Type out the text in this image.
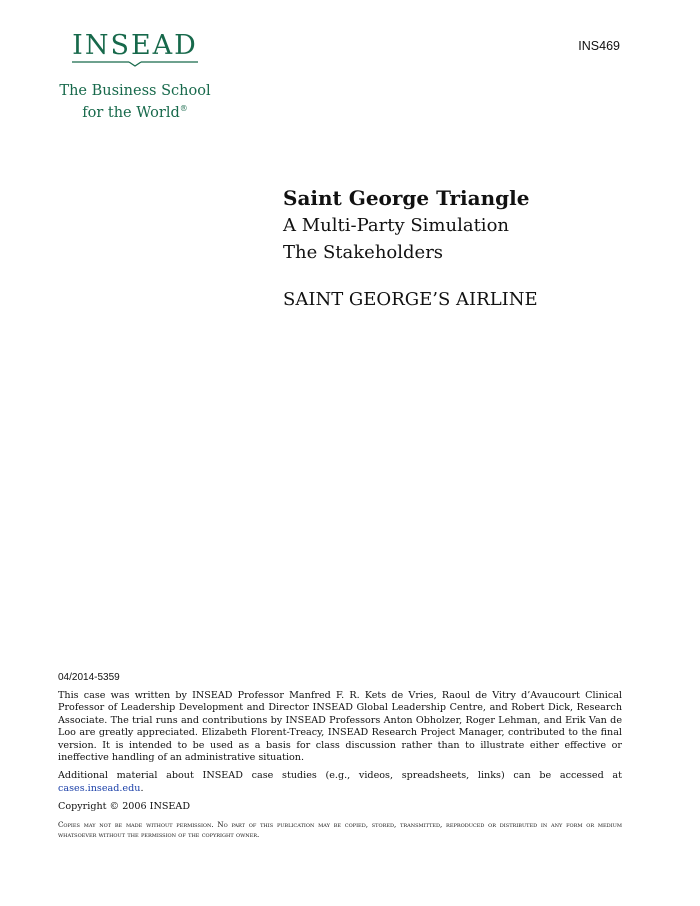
INSEAD
The Business School
for the World®
INS469
Saint George Triangle
A Multi-Party Simulation
The Stakeholders
SAINT GEORGE’S AIRLINE
04/2014-5359

This case was written by INSEAD Professor Manfred F. R. Kets de Vries, Raoul de Vitry d’Avaucourt Clinical Professor of Leadership Development and Director INSEAD Global Leadership Centre, and Robert Dick, Research Associate. The trial runs and contributions by INSEAD Professors Anton Obholzer, Roger Lehman, and Erik Van de Loo are greatly appreciated. Elizabeth Florent-Treacy, INSEAD Research Project Manager, contributed to the final version. It is intended to be used as a basis for class discussion rather than to illustrate either effective or ineffective handling of an administrative situation.

Additional material about INSEAD case studies (e.g., videos, spreadsheets, links) can be accessed at cases.insead.edu.

Copyright © 2006 INSEAD

Copies may not be made without permission. No part of this publication may be copied, stored, transmitted, reproduced or distributed in any form or medium whatsoever without the permission of the copyright owner.
